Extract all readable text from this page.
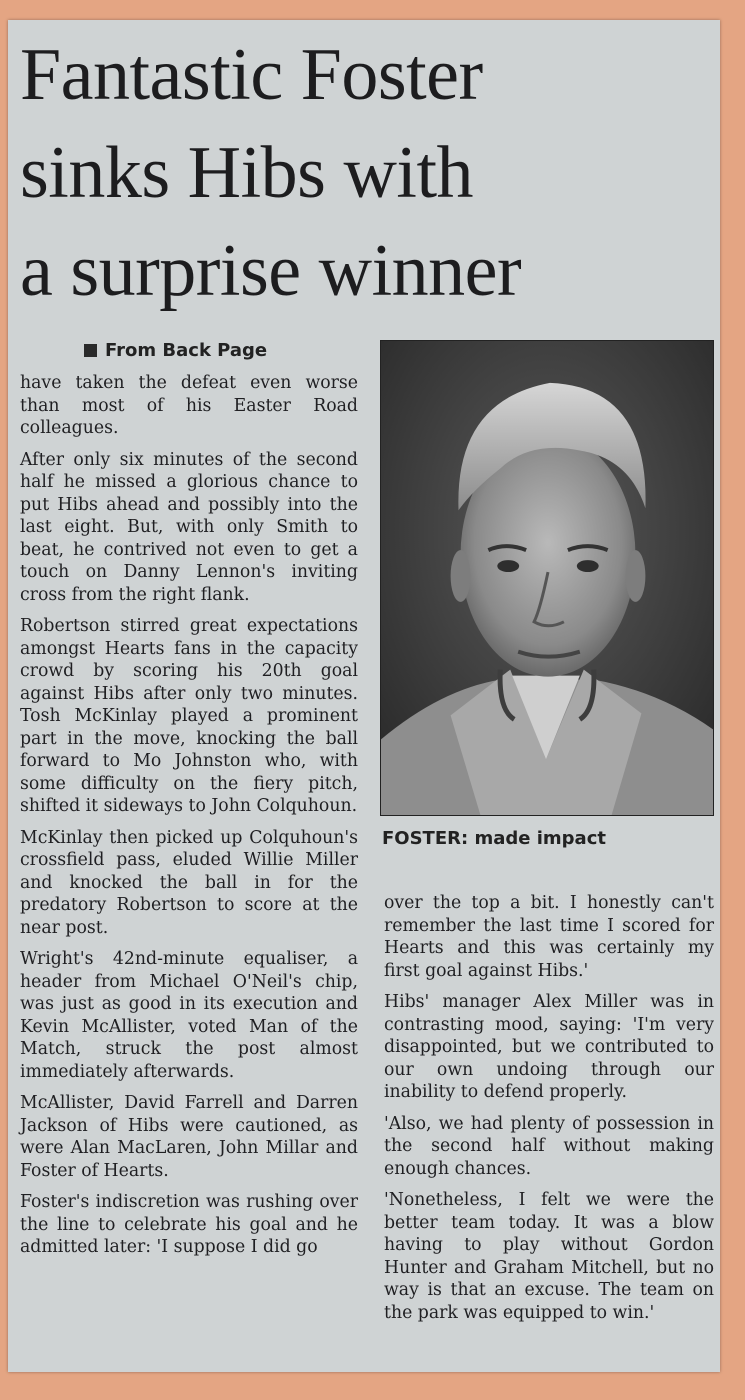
Fantastic Foster
sinks Hibs with
a surprise winner
From Back Page

have taken the defeat even worse than most of his Easter Road colleagues.

After only six minutes of the second half he missed a glorious chance to put Hibs ahead and possibly into the last eight. But, with only Smith to beat, he contrived not even to get a touch on Danny Lennon's inviting cross from the right flank.

Robertson stirred great expectations amongst Hearts fans in the capacity crowd by scoring his 20th goal against Hibs after only two minutes. Tosh McKinlay played a prominent part in the move, knocking the ball forward to Mo Johnston who, with some difficulty on the fiery pitch, shifted it sideways to John Colquhoun.

McKinlay then picked up Colquhoun's crossfield pass, eluded Willie Miller and knocked the ball in for the predatory Robertson to score at the near post.

Wright's 42nd-minute equaliser, a header from Michael O'Neil's chip, was just as good in its execution and Kevin McAllister, voted Man of the Match, struck the post almost immediately afterwards.

McAllister, David Farrell and Darren Jackson of Hibs were cautioned, as were Alan MacLaren, John Millar and Foster of Hearts.

Foster's indiscretion was rushing over the line to celebrate his goal and he admitted later: 'I suppose I did go

FOSTER: made impact

over the top a bit. I honestly can't remember the last time I scored for Hearts and this was certainly my first goal against Hibs.'

Hibs' manager Alex Miller was in contrasting mood, saying: 'I'm very disappointed, but we contributed to our own undoing through our inability to defend properly.

'Also, we had plenty of possession in the second half without making enough chances.

'Nonetheless, I felt we were the better team today. It was a blow having to play without Gordon Hunter and Graham Mitchell, but no way is that an excuse. The team on the park was equipped to win.'
